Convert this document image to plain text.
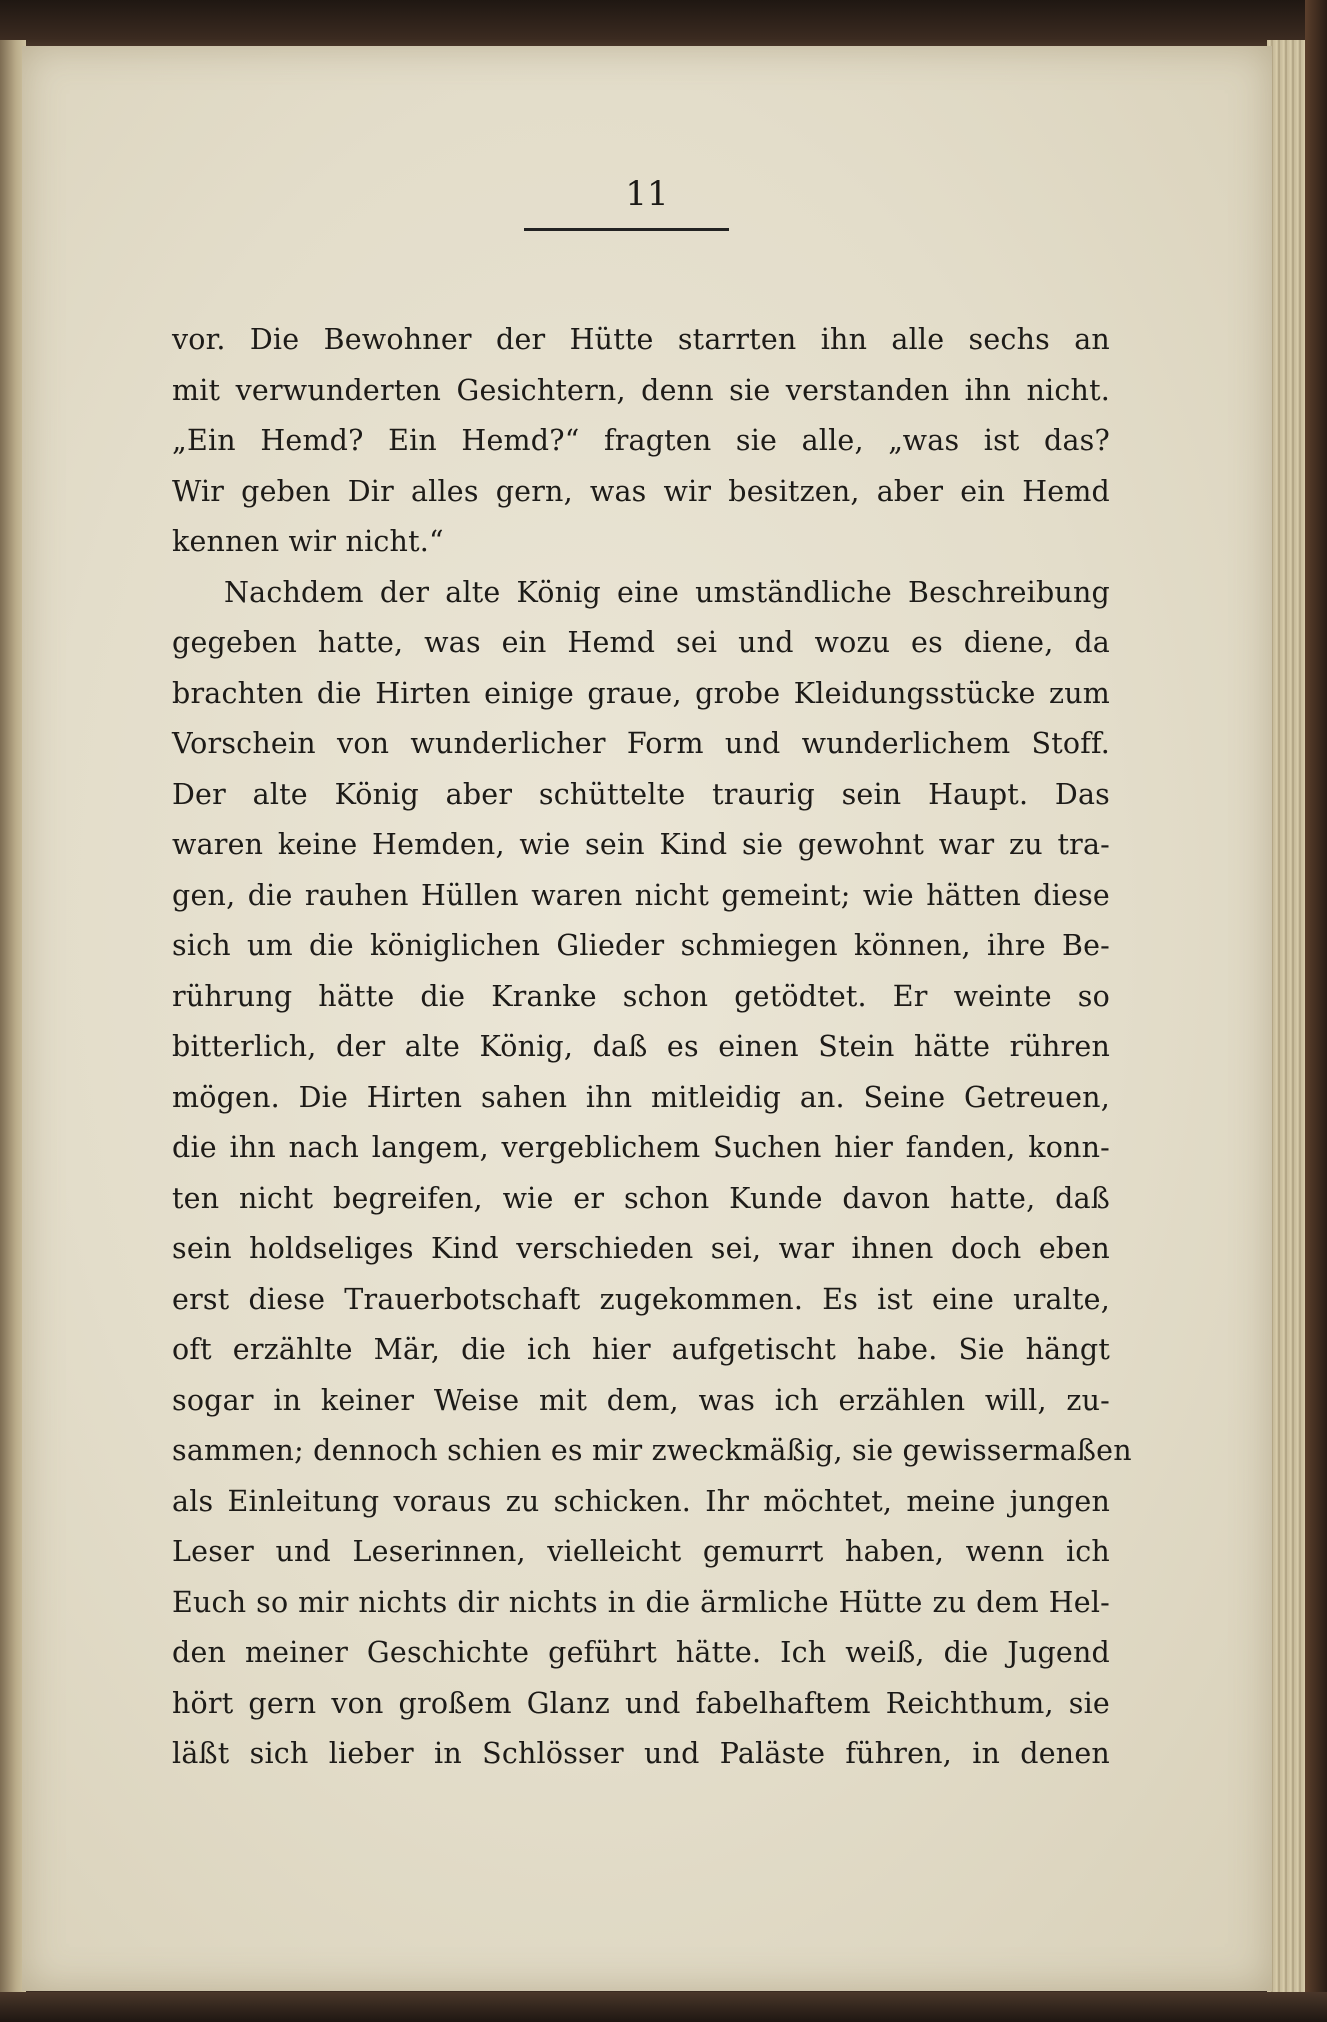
11
vor. Die Bewohner der Hütte starrten ihn alle sechs an
mit verwunderten Gesichtern, denn sie verstanden ihn nicht.
„Ein Hemd? Ein Hemd?“ fragten sie alle, „was ist das?
Wir geben Dir alles gern, was wir besitzen, aber ein Hemd
kennen wir nicht.“
Nachdem der alte König eine umständliche Beschreibung
gegeben hatte, was ein Hemd sei und wozu es diene, da
brachten die Hirten einige graue, grobe Kleidungsstücke zum
Vorschein von wunderlicher Form und wunderlichem Stoff.
Der alte König aber schüttelte traurig sein Haupt. Das
waren keine Hemden, wie sein Kind sie gewohnt war zu tra-
gen, die rauhen Hüllen waren nicht gemeint; wie hätten diese
sich um die königlichen Glieder schmiegen können, ihre Be-
rührung hätte die Kranke schon getödtet. Er weinte so
bitterlich, der alte König, daß es einen Stein hätte rühren
mögen. Die Hirten sahen ihn mitleidig an. Seine Getreuen,
die ihn nach langem, vergeblichem Suchen hier fanden, konn-
ten nicht begreifen, wie er schon Kunde davon hatte, daß
sein holdseliges Kind verschieden sei, war ihnen doch eben
erst diese Trauerbotschaft zugekommen. Es ist eine uralte,
oft erzählte Mär, die ich hier aufgetischt habe. Sie hängt
sogar in keiner Weise mit dem, was ich erzählen will, zu-
sammen; dennoch schien es mir zweckmäßig, sie gewissermaßen
als Einleitung voraus zu schicken. Ihr möchtet, meine jungen
Leser und Leserinnen, vielleicht gemurrt haben, wenn ich
Euch so mir nichts dir nichts in die ärmliche Hütte zu dem Hel-
den meiner Geschichte geführt hätte. Ich weiß, die Jugend
hört gern von großem Glanz und fabelhaftem Reichthum, sie
läßt sich lieber in Schlösser und Paläste führen, in denen
